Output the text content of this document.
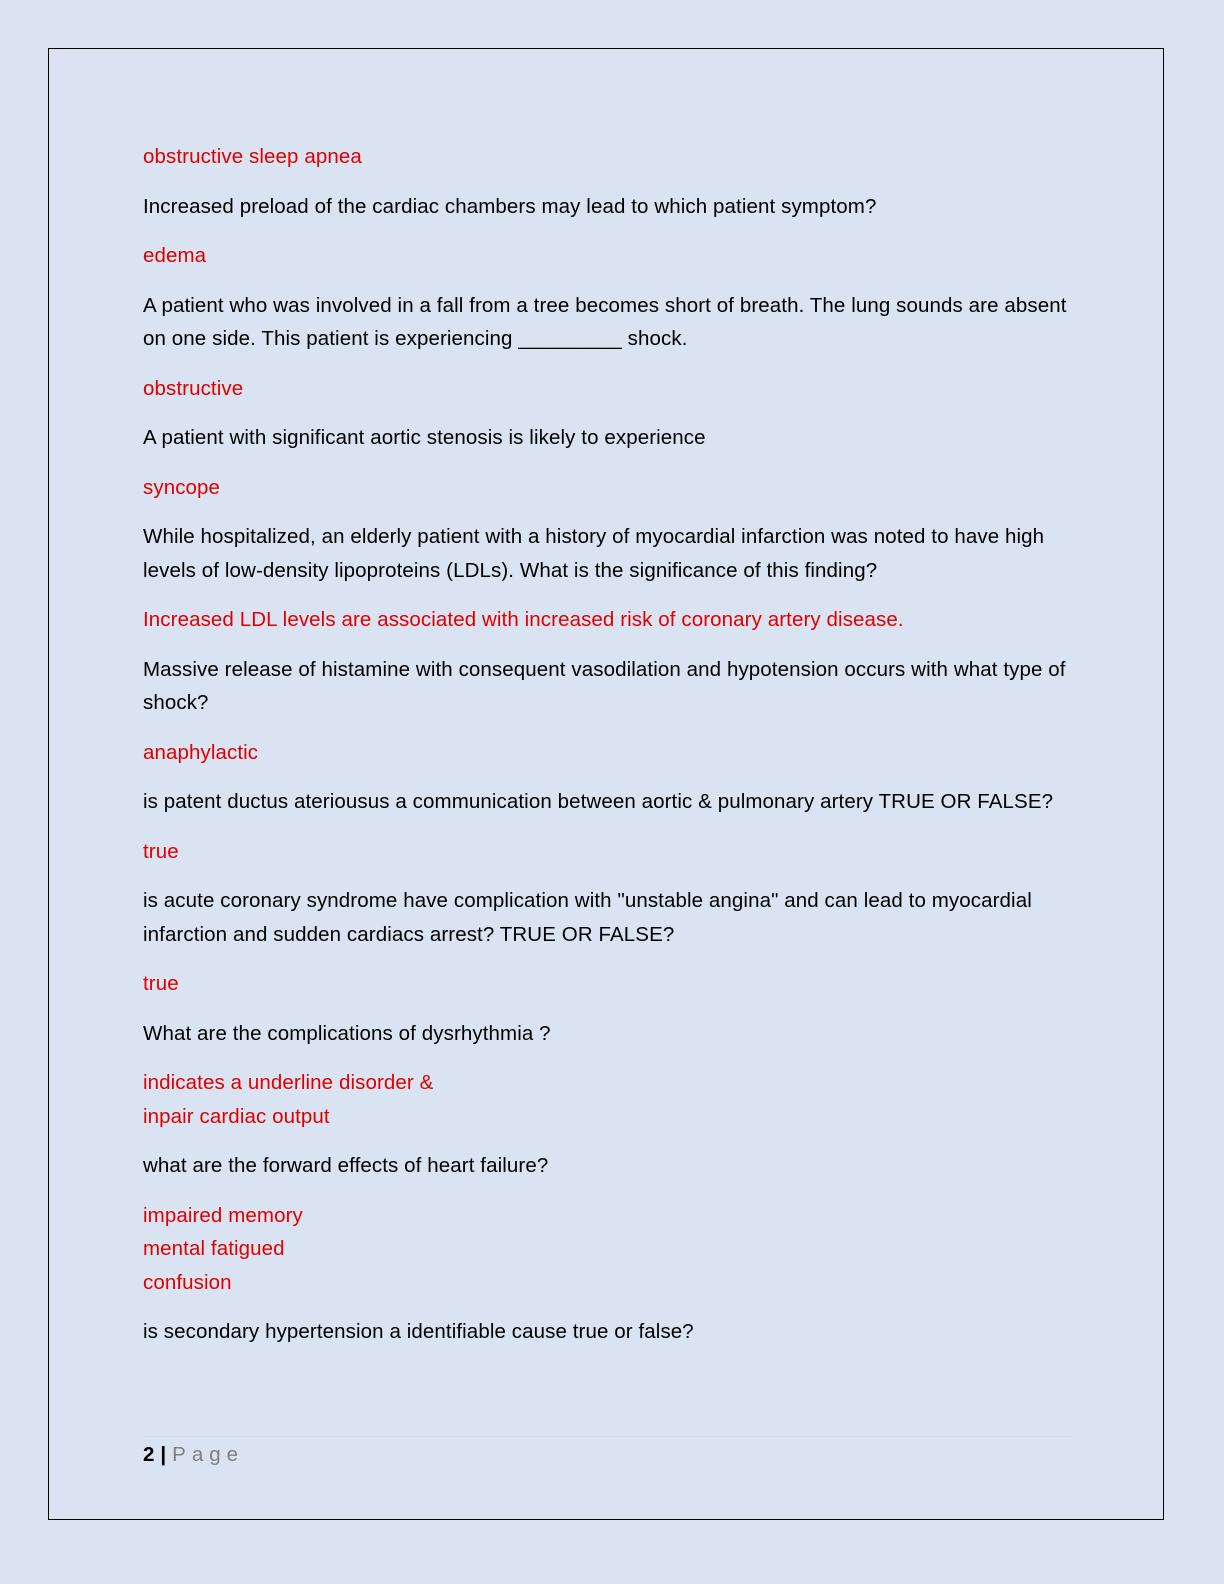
obstructive sleep apnea
Increased preload of the cardiac chambers may lead to which patient symptom?
edema
A patient who was involved in a fall from a tree becomes short of breath. The lung sounds are absent on one side. This patient is experiencing _________ shock.
obstructive
A patient with significant aortic stenosis is likely to experience
syncope
While hospitalized, an elderly patient with a history of myocardial infarction was noted to have high levels of low-density lipoproteins (LDLs). What is the significance of this finding?
Increased LDL levels are associated with increased risk of coronary artery disease.
Massive release of histamine with consequent vasodilation and hypotension occurs with what type of shock?
anaphylactic
is patent ductus ateriousus a communication between aortic & pulmonary artery TRUE OR FALSE?
true
is acute coronary syndrome have complication with "unstable angina" and can lead to myocardial infarction and sudden cardiacs arrest? TRUE OR FALSE?
true
What are the complications of dysrhythmia ?
indicates a underline disorder &
inpair cardiac output
what are the forward effects of heart failure?
impaired memory
mental fatigued
confusion
is secondary hypertension a identifiable cause true or false?
2 | Page
